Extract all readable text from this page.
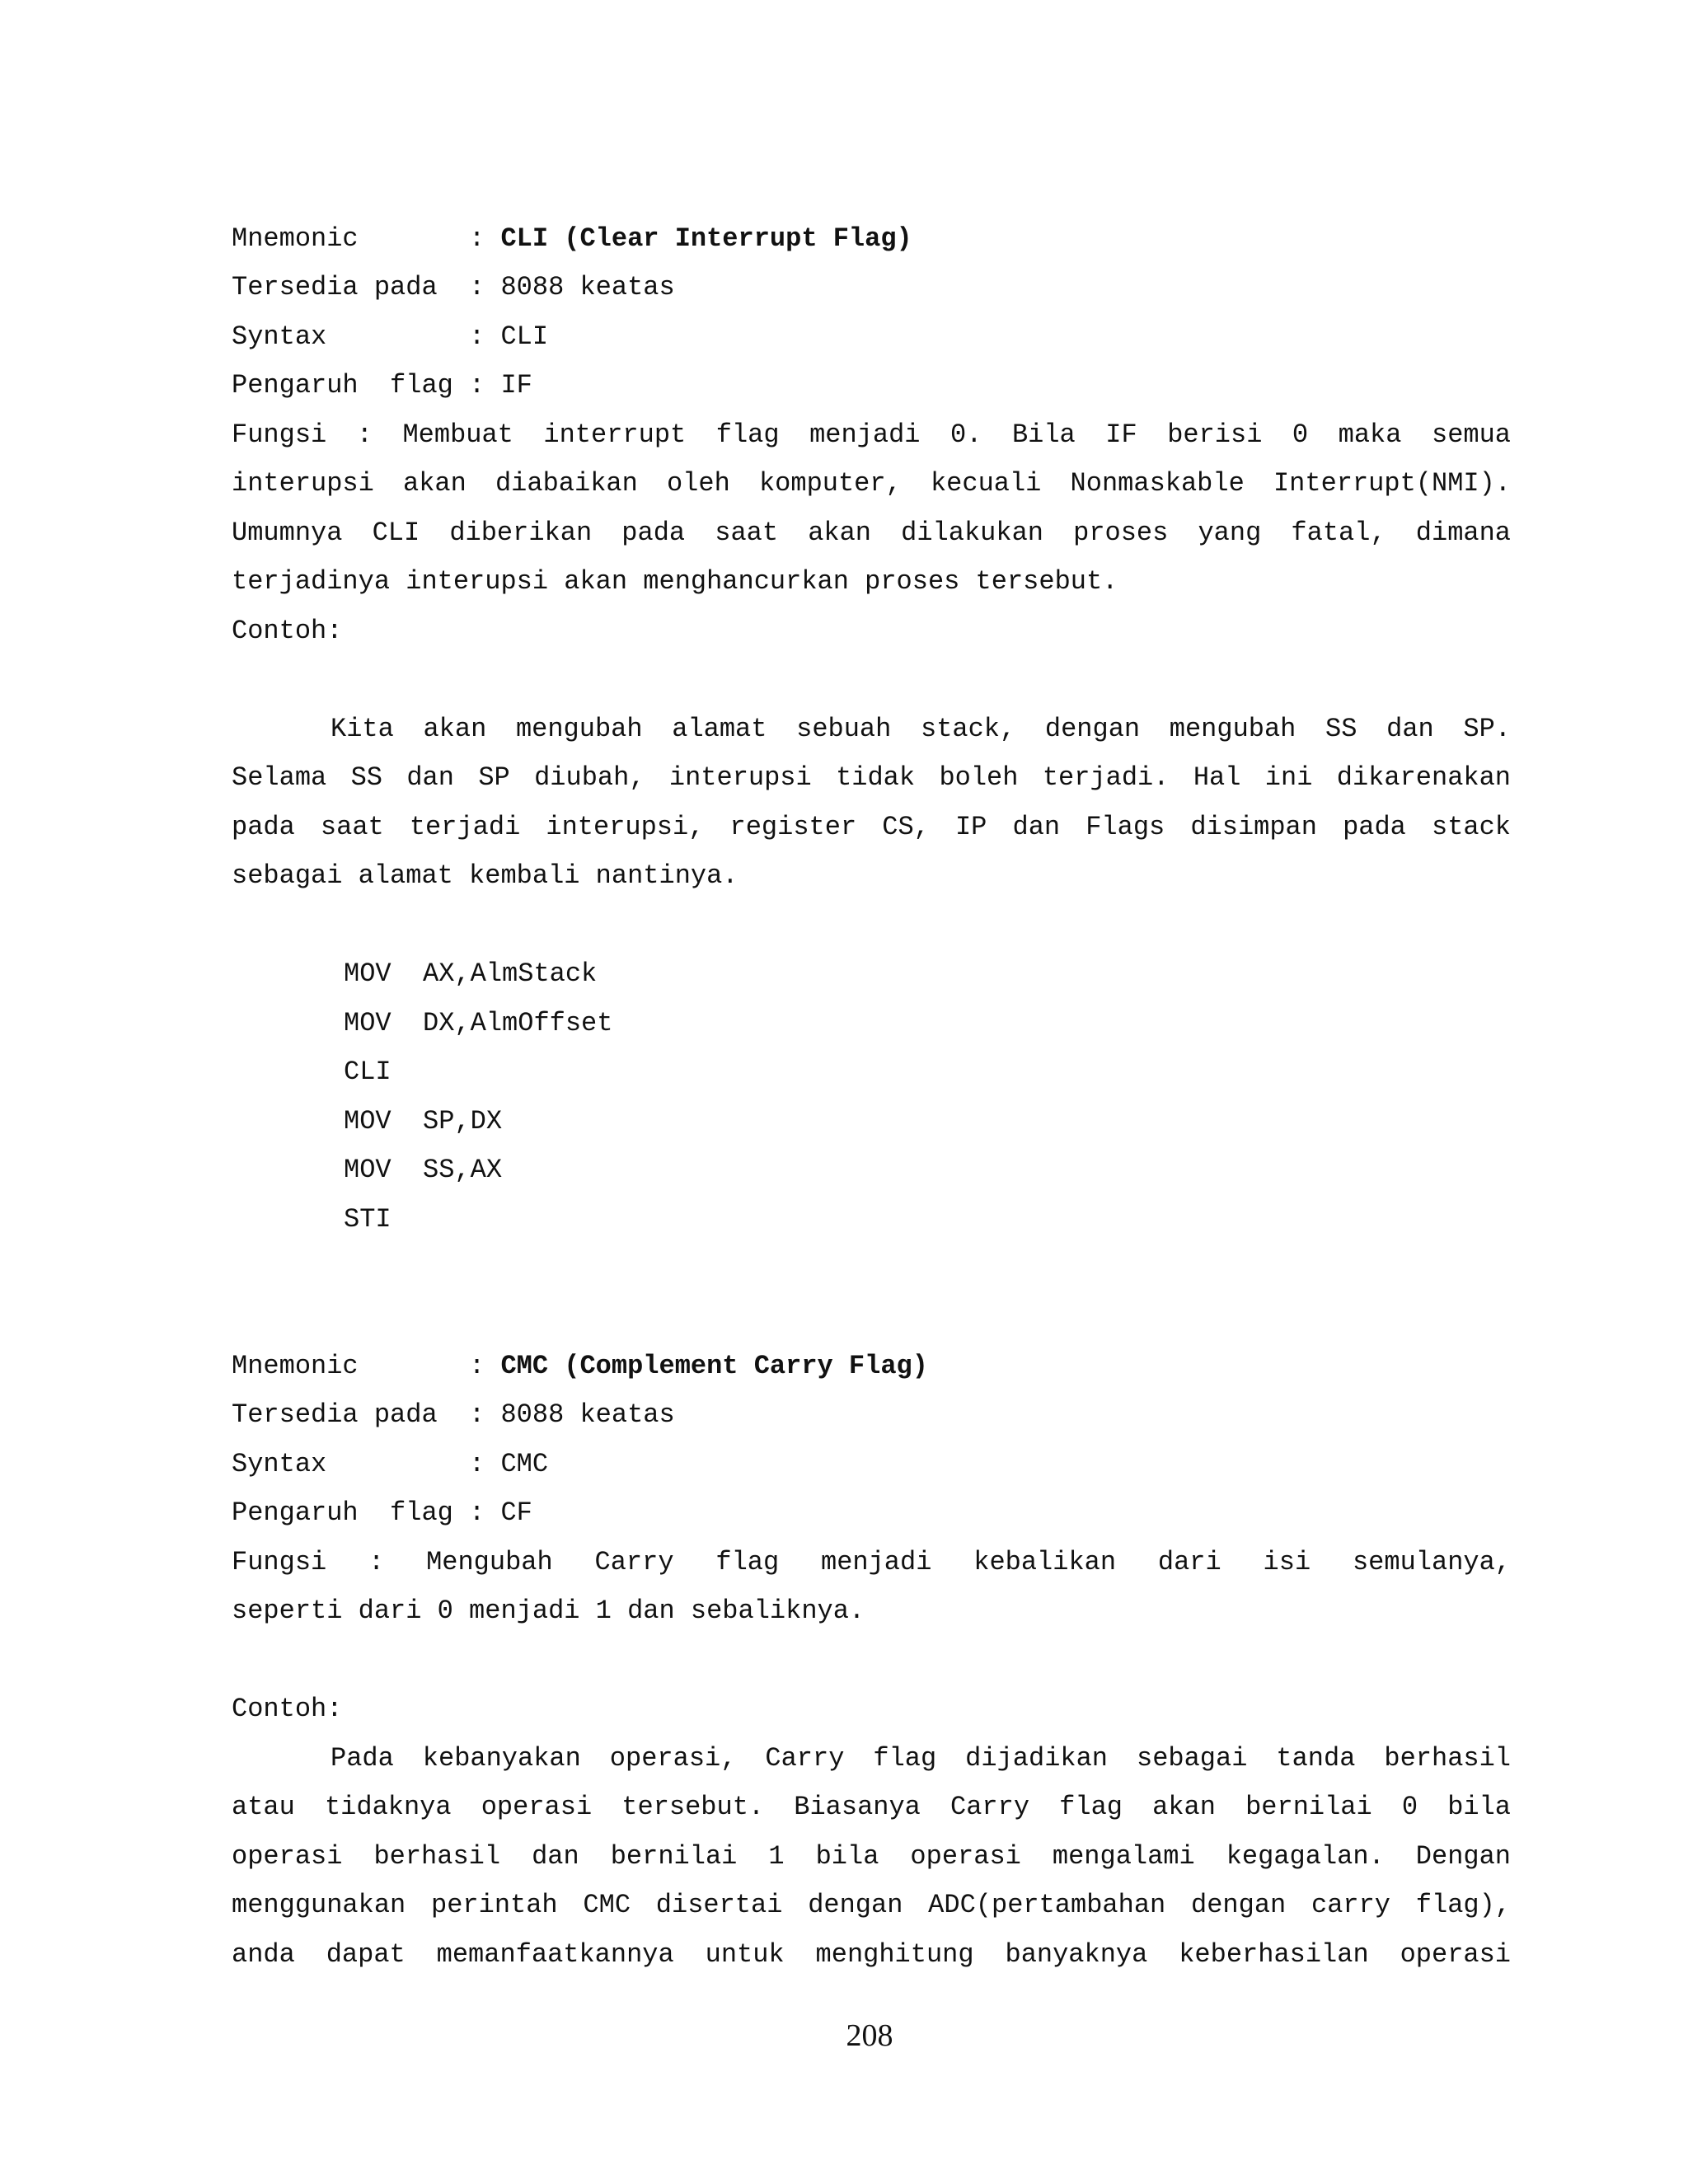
Mnemonic       : CLI (Clear Interrupt Flag)
Tersedia pada  : 8088 keatas
Syntax         : CLI
Pengaruh  flag : IF
Fungsi : Membuat interrupt flag menjadi 0. Bila IF berisi 0 maka semua
interupsi akan diabaikan oleh komputer, kecuali Nonmaskable Interrupt(NMI).
Umumnya CLI diberikan pada saat akan dilakukan proses yang fatal, dimana
terjadinya interupsi akan menghancurkan proses tersebut.
Contoh:
Kita akan mengubah alamat sebuah stack, dengan mengubah SS dan SP.
Selama SS dan SP diubah, interupsi tidak boleh terjadi. Hal ini dikarenakan
pada saat terjadi interupsi, register CS, IP dan Flags disimpan pada stack
sebagai alamat kembali nantinya.
MOV  AX,AlmStack
MOV  DX,AlmOffset
CLI
MOV  SP,DX
MOV  SS,AX
STI
Mnemonic       : CMC (Complement Carry Flag)
Tersedia pada  : 8088 keatas
Syntax         : CMC
Pengaruh  flag : CF
Fungsi : Mengubah Carry flag menjadi kebalikan dari isi semulanya,
seperti dari 0 menjadi 1 dan sebaliknya.
Contoh:
Pada kebanyakan operasi, Carry flag dijadikan sebagai tanda berhasil
atau tidaknya operasi tersebut. Biasanya Carry flag akan bernilai 0 bila
operasi berhasil dan bernilai 1 bila operasi mengalami kegagalan. Dengan
menggunakan perintah CMC disertai dengan ADC(pertambahan dengan carry flag),
anda dapat memanfaatkannya untuk menghitung banyaknya keberhasilan operasi
208
